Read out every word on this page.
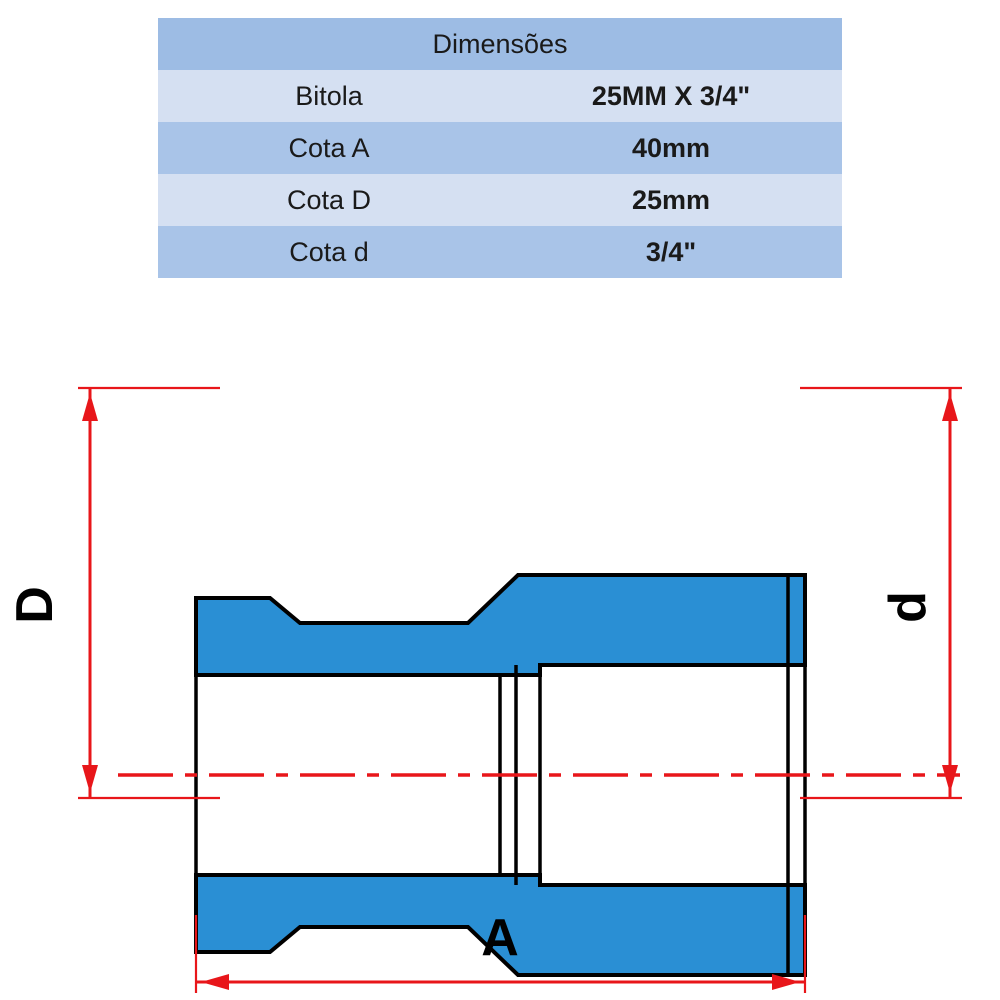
Dimensões	
Bitola	25MM X 3/4"
Cota A	40mm
Cota D	25mm
Cota d	3/4"
D	d
A
